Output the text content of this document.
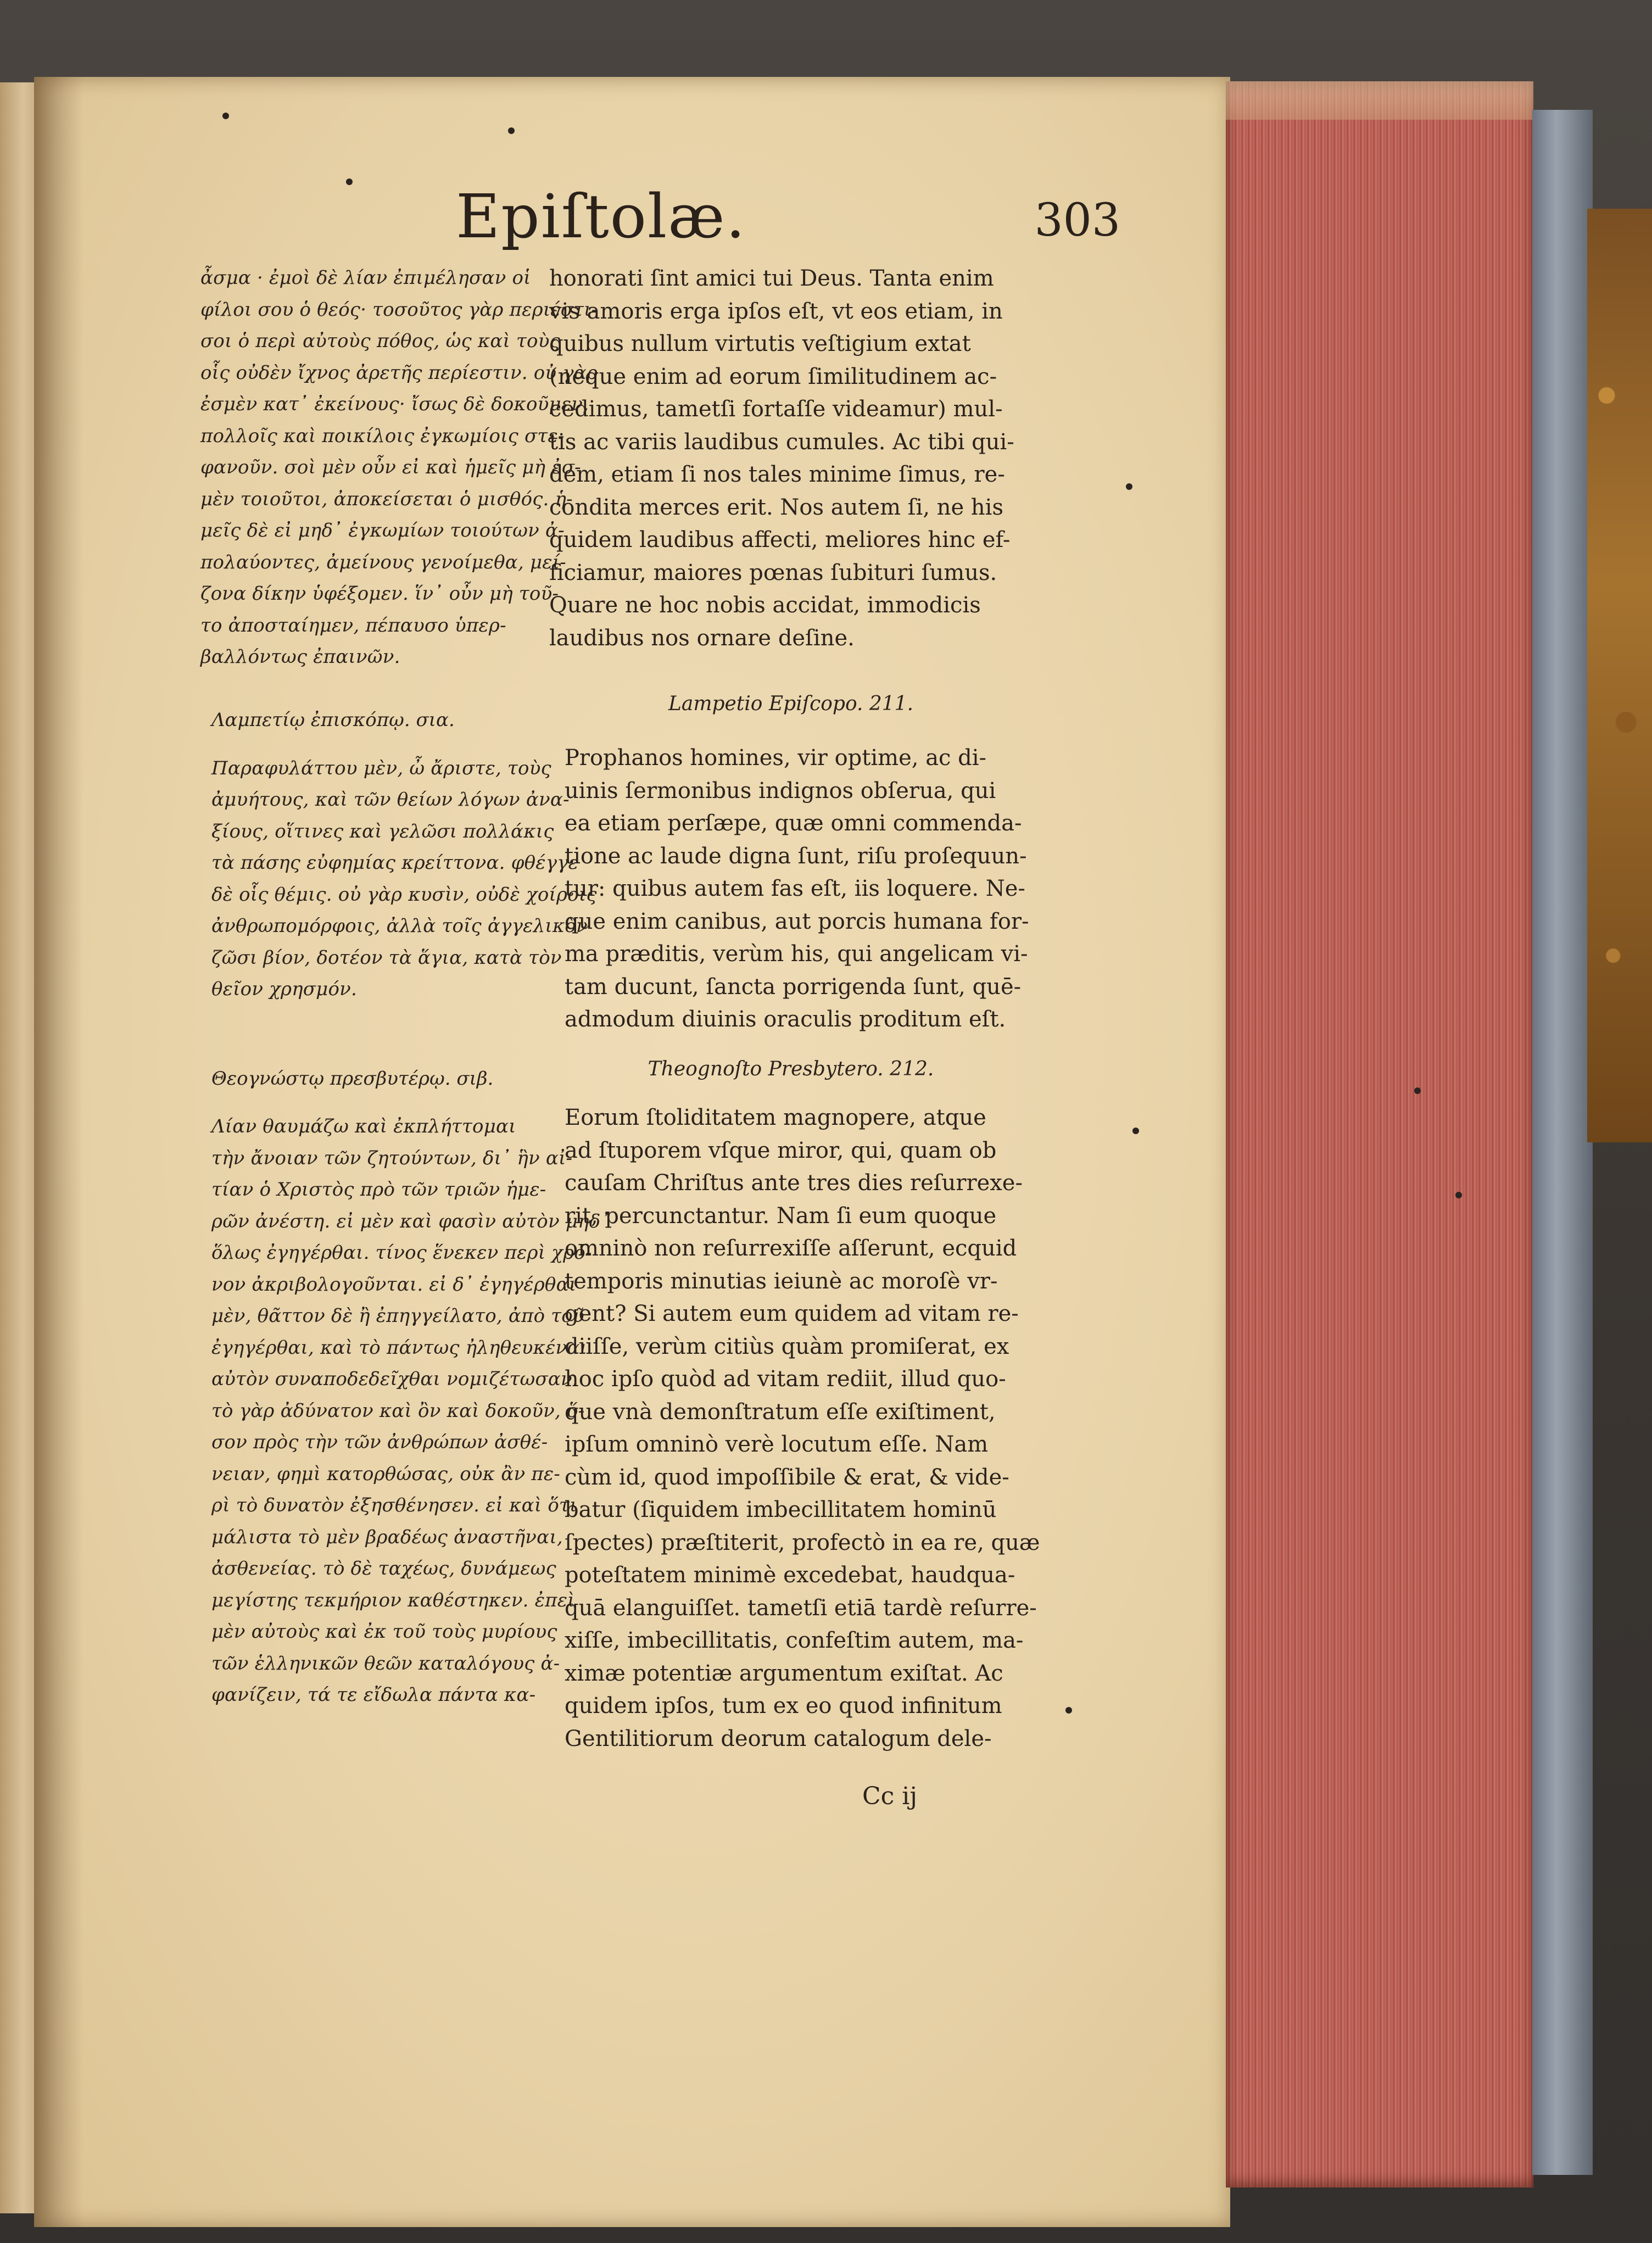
Epiſtolæ.	303
ἆσμα · ἐμοὶ δὲ λίαν ἐπιμέλησαν οἱ
φίλοι σου ὁ θεός· τοσοῦτος γὰρ περιέστι-
σοι ὁ περὶ αὐτοὺς πόθος, ὡς καὶ τοὺς
οἷς οὐδὲν ἴχνος ἀρετῆς περίεστιν. οὐ γὰρ
ἐσμὲν κατ᾽ ἐκείνους· ἴσως δὲ δοκοῦμεν,
πολλοῖς καὶ ποικίλοις ἐγκωμίοις στε-
φανοῦν. σοὶ μὲν οὖν εἰ καὶ ἡμεῖς μὴ ἐσ-
μὲν τοιοῦτοι, ἀποκείσεται ὁ μισθός. ἡ-
μεῖς δὲ εἰ μηδ᾽ ἐγκωμίων τοιούτων ἀ-
πολαύοντες, ἀμείνους γενοίμεθα, μεί-
ζονα δίκην ὑφέξομεν. ἵν᾽ οὖν μὴ τοῦ-
το ἀποσταίημεν, πέπαυσο ὑπερ-
βαλλόντως ἐπαινῶν.
Λαμπετίῳ ἐπισκόπῳ. σια.
Παραφυλάττου μὲν, ὦ ἄριστε, τοὺς
ἀμυήτους, καὶ τῶν θείων λόγων ἀνα-
ξίους, οἵτινες καὶ γελῶσι πολλάκις
τὰ πάσης εὐφημίας κρείττονα. φθέγγε
δὲ οἷς θέμις. οὐ γὰρ κυσὶν, οὐδὲ χοίροις
ἀνθρωπομόρφοις, ἀλλὰ τοῖς ἀγγελικὸν
ζῶσι βίον, δοτέον τὰ ἅγια, κατὰ τὸν
θεῖον χρησμόν.
Θεογνώστῳ πρεσβυτέρῳ. σιβ.
Λίαν θαυμάζω καὶ ἐκπλήττομαι
τὴν ἄνοιαν τῶν ζητούντων, δι᾽ ἣν αἰ-
τίαν ὁ Χριστὸς πρὸ τῶν τριῶν ἡμε-
ρῶν ἀνέστη. εἰ μὲν καὶ φασὶν αὐτὸν μηδ᾽
ὅλως ἐγηγέρθαι. τίνος ἕνεκεν περὶ χρό-
νον ἀκριβολογοῦνται. εἰ δ᾽ ἐγηγέρθαι
μὲν, θᾶττον δὲ ἢ ἐπηγγείλατο, ἀπὸ τοῦ
ἐγηγέρθαι, καὶ τὸ πάντως ἠληθευκέναι
αὐτὸν συναποδεδεῖχθαι νομιζέτωσαν.
τὸ γὰρ ἀδύνατον καὶ ὂν καὶ δοκοῦν, ὅ-
σον πρὸς τὴν τῶν ἀνθρώπων ἀσθέ-
νειαν, φημὶ κατορθώσας, οὐκ ἂν πε-
ρὶ τὸ δυνατὸν ἐξησθένησεν. εἰ καὶ ὅτι
μάλιστα τὸ μὲν βραδέως ἀναστῆναι,
ἀσθενείας. τὸ δὲ ταχέως, δυνάμεως
μεγίστης τεκμήριον καθέστηκεν. ἐπεὶ
μὲν αὐτοὺς καὶ ἐκ τοῦ τοὺς μυρίους
τῶν ἑλληνικῶν θεῶν καταλόγους ἀ-
φανίζειν, τά τε εἴδωλα πάντα κα-
honorati ſint amici tui Deus. Tanta enim
vis amoris erga ipſos eſt, vt eos etiam, in
quibus nullum virtutis veſtigium extat
(neque enim ad eorum ſimilitudinem ac-
cedimus, tametſi fortaſſe videamur) mul-
tis ac variis laudibus cumules. Ac tibi qui-
dem, etiam ſi nos tales minime ſimus, re-
condita merces erit. Nos autem ſi, ne his
quidem laudibus affecti, meliores hinc ef-
ficiamur, maiores pœnas ſubituri ſumus.
Quare ne hoc nobis accidat, immodicis
laudibus nos ornare deſine.
Lampetio Epiſcopo. 211.
Prophanos homines, vir optime, ac di-
uinis ſermonibus indignos obſerua, qui
ea etiam perſæpe, quæ omni commenda-
tione ac laude digna ſunt, riſu proſequun-
tur: quibus autem fas eſt, iis loquere. Ne-
que enim canibus, aut porcis humana for-
ma præditis, verùm his, qui angelicam vi-
tam ducunt, ſancta porrigenda ſunt, quē-
admodum diuinis oraculis proditum eſt.
Theognoſto Presbytero. 212.
Eorum ſtoliditatem magnopere, atque
ad ſtuporem vſque miror, qui, quam ob
cauſam Chriſtus ante tres dies reſurrexe-
rit, percunctantur. Nam ſi eum quoque
omninò non reſurrexiſſe aſſerunt, ecquid
temporis minutias ieiunè ac moroſè vr-
gent? Si autem eum quidem ad vitam re-
diiſſe, verùm citiùs quàm promiſerat, ex
hoc ipſo quòd ad vitam rediit, illud quo-
que vnà demonſtratum eſſe exiſtiment,
ipſum omninò verè locutum eſſe. Nam
cùm id, quod impoſſibile & erat, & vide-
batur (ſiquidem imbecillitatem hominū
ſpectes) præſtiterit, profectò in ea re, quæ
poteſtatem minimè excedebat, haudqua-
quā elanguiſſet. tametſi etiā tardè reſurre-
xiſſe, imbecillitatis, confeſtim autem, ma-
ximæ potentiæ argumentum exiſtat. Ac
quidem ipſos, tum ex eo quod infinitum
Gentilitiorum deorum catalogum dele-
Cc ij
